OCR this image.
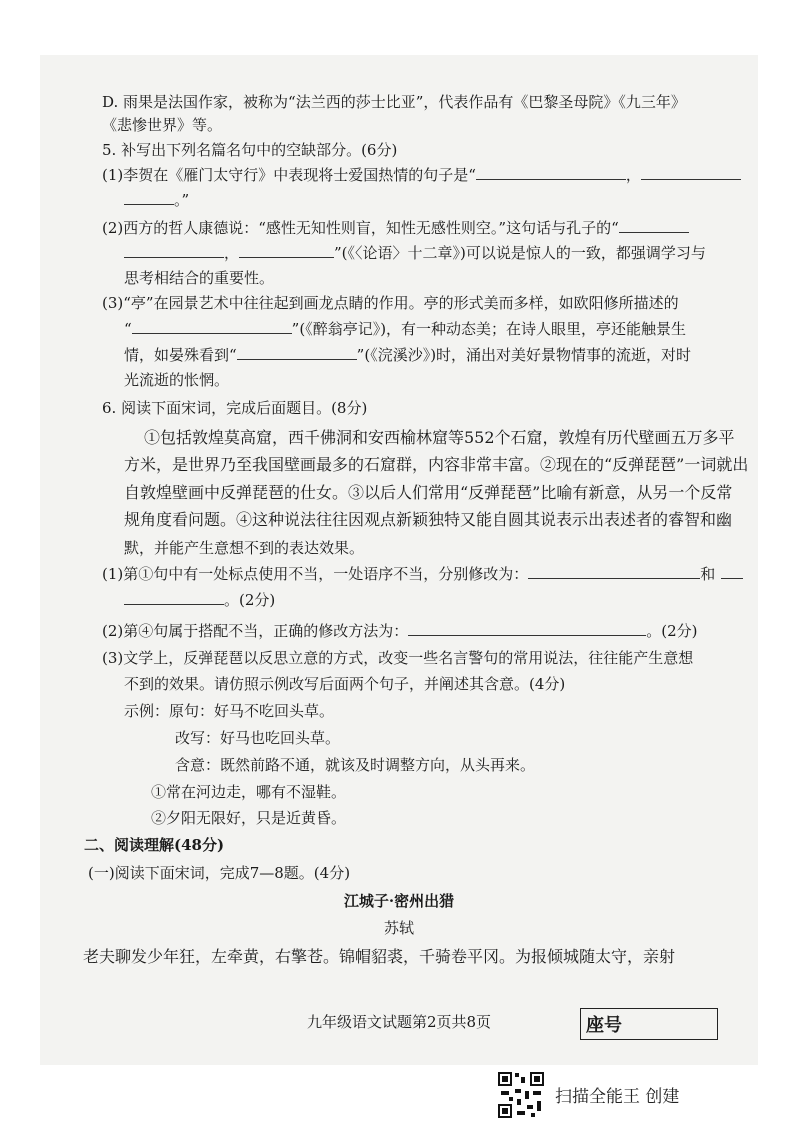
D. 雨果是法国作家，被称为“法兰西的莎士比亚”，代表作品有《巴黎圣母院》《九三年》
《悲惨世界》等。
5. 补写出下列名篇名句中的空缺部分。(6分)
(1)李贺在《雁门太守行》中表现将士爱国热情的句子是“	，
。”
(2)西方的哲人康德说：“感性无知性则盲，知性无感性则空。”这句话与孔子的“
，	”(《〈论语〉十二章》)可以说是惊人的一致，都强调学习与
思考相结合的重要性。
(3)“亭”在园景艺术中往往起到画龙点睛的作用。亭的形式美而多样，如欧阳修所描述的
“	”(《醉翁亭记》)，有一种动态美；在诗人眼里，亭还能触景生
情，如晏殊看到“	”(《浣溪沙》)时，涌出对美好景物情事的流逝，对时
光流逝的怅惘。
6. 阅读下面宋词，完成后面题目。(8分)
①包括敦煌莫高窟，西千佛洞和安西榆林窟等552个石窟，敦煌有历代壁画五万多平
方米，是世界乃至我国壁画最多的石窟群，内容非常丰富。②现在的“反弹琵琶”一词就出
自敦煌壁画中反弹琵琶的仕女。③以后人们常用“反弹琵琶”比喻有新意，从另一个反常
规角度看问题。④这种说法往往因观点新颖独特又能自圆其说表示出表述者的睿智和幽
默，并能产生意想不到的表达效果。
(1)第①句中有一处标点使用不当，一处语序不当，分别修改为：	和
。(2分)
(2)第④句属于搭配不当，正确的修改方法为：	。(2分)
(3)文学上，反弹琵琶以反思立意的方式，改变一些名言警句的常用说法，往往能产生意想
不到的效果。请仿照示例改写后面两个句子，并阐述其含意。(4分)
示例：原句：好马不吃回头草。
改写：好马也吃回头草。
含意：既然前路不通，就该及时调整方向，从头再来。
①常在河边走，哪有不湿鞋。
②夕阳无限好，只是近黄昏。
二、阅读理解(48分)
(一)阅读下面宋词，完成7—8题。(4分)
江城子·密州出猎
苏轼
老夫聊发少年狂，左牵黄，右擎苍。锦帽貂裘，千骑卷平冈。为报倾城随太守，亲射
九年级语文试题第2页共8页	座号
扫描全能王 创建
